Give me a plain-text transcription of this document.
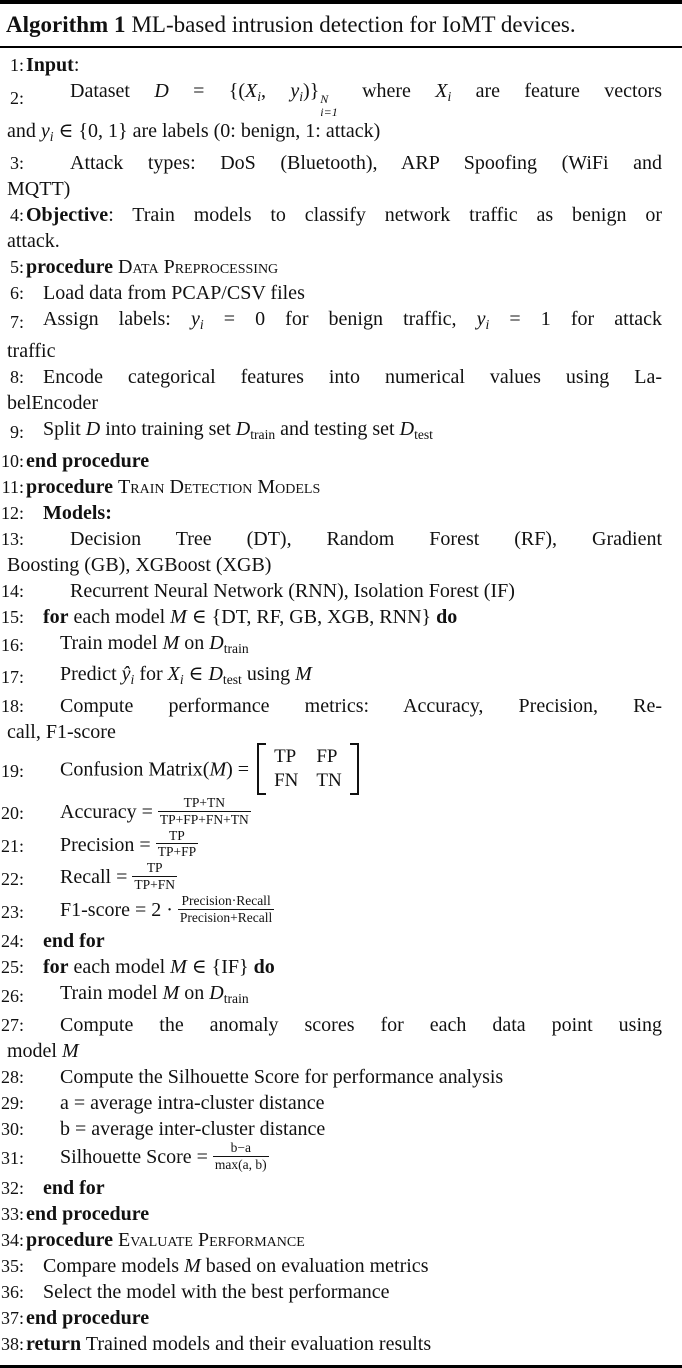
Algorithm 1 ML-based intrusion detection for IoMT devices.
1: Input:
2: Dataset D = {(Xi, yi)} N
i=1
where Xi are feature vectors
and yi ∈ {0, 1} are labels (0: benign, 1: attack)
3: Attack types: DoS (Bluetooth), ARP Spoofing (WiFi and
MQTT)
4: Objective: Train models to classify network traffic as benign or
attack.
5: procedure Data Preprocessing
6: Load data from PCAP/CSV files
7: Assign labels: yi = 0 for benign traffic, yi = 1 for attack
traffic
8: Encode categorical features into numerical values using La-
belEncoder
9: Split D into training set Dtrain and testing set Dtest
10: end procedure
11: procedure Train Detection Models
12: Models:
13: Decision Tree (DT), Random Forest (RF), Gradient
Boosting (GB), XGBoost (XGB)
14: Recurrent Neural Network (RNN), Isolation Forest (IF)
15: for each model M ∈ {DT, RF, GB, XGB, RNN} do
16: Train model M on Dtrain
17: Predict ŷi for Xi ∈ Dtest using M
18: Compute performance metrics: Accuracy, Precision, Re-
call, F1-score
19: Confusion Matrix(M) =
TP FP
FN TN
20: Accuracy = $\frac{TP+TN}{TP+FP+FN+TN}$
21: Precision = $\frac{TP}{TP+FP}$
22: Recall = $\frac{TP}{TP+FN}$
23: F1-score = $2 \cdot \frac{\text{Precision·Recall}}{\text{Precision+Recall}}$
24: end for
25: for each model M ∈ {IF} do
26: Train model M on Dtrain
27: Compute the anomaly scores for each data point using
model M
28: Compute the Silhouette Score for performance analysis
29: a = average intra-cluster distance
30: b = average inter-cluster distance
31: Silhouette Score = $\frac{b-a}{\max(a, b)}$
32: end for
33: end procedure
34: procedure Evaluate Performance
35: Compare models M based on evaluation metrics
36: Select the model with the best performance
37: end procedure
38: return Trained models and their evaluation results
